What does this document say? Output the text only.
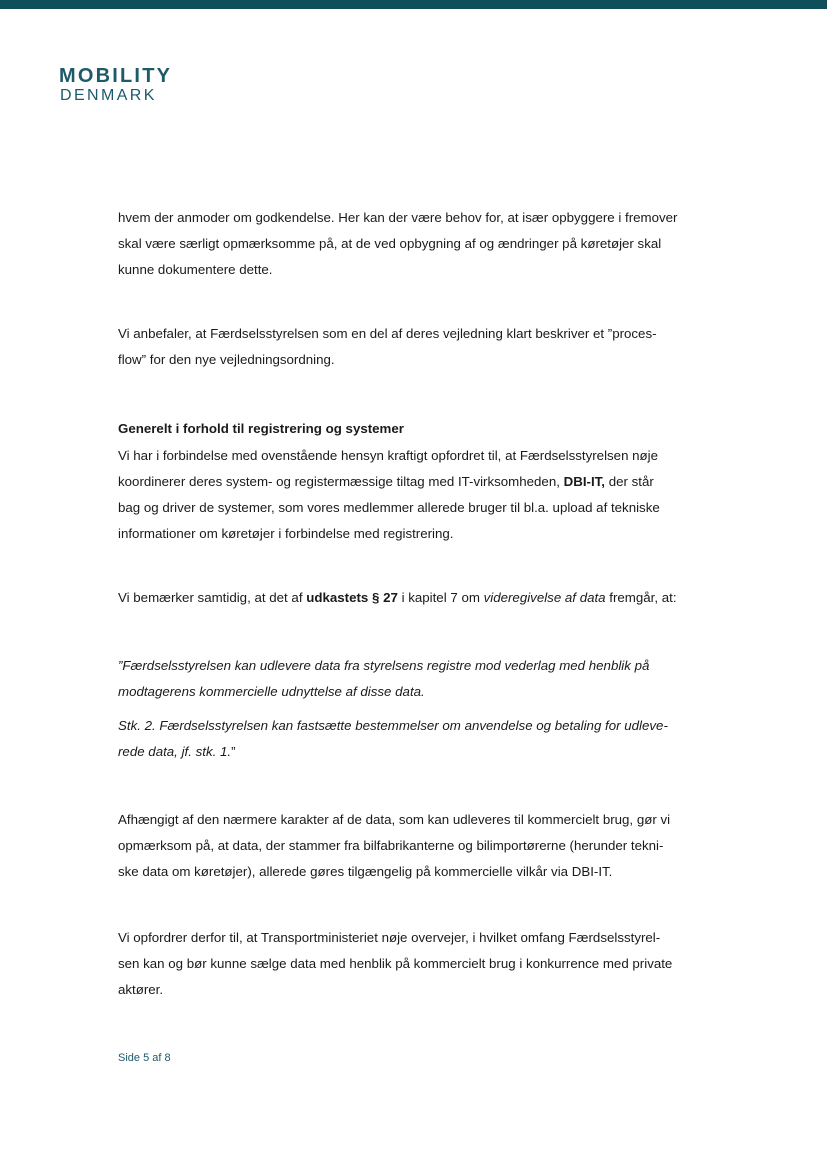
MOBILITY
DENMARK
hvem der anmoder om godkendelse. Her kan der være behov for, at især opbyggere i fremover
skal være særligt opmærksomme på, at de ved opbygning af og ændringer på køretøjer skal
kunne dokumentere dette.
Vi anbefaler, at Færdselsstyrelsen som en del af deres vejledning klart beskriver et ”proces-
flow” for den nye vejledningsordning.
Generelt i forhold til registrering og systemer
Vi har i forbindelse med ovenstående hensyn kraftigt opfordret til, at Færdselsstyrelsen nøje
koordinerer deres system- og registermæssige tiltag med IT-virksomheden, DBI-IT, der står
bag og driver de systemer, som vores medlemmer allerede bruger til bl.a. upload af tekniske
informationer om køretøjer i forbindelse med registrering.
Vi bemærker samtidig, at det af udkastets § 27 i kapitel 7 om videregivelse af data fremgår, at:
”Færdselsstyrelsen kan udlevere data fra styrelsens registre mod vederlag med henblik på
modtagerens kommercielle udnyttelse af disse data.
Stk. 2. Færdselsstyrelsen kan fastsætte bestemmelser om anvendelse og betaling for udleve-
rede data, jf. stk. 1.”
Afhængigt af den nærmere karakter af de data, som kan udleveres til kommercielt brug, gør vi
opmærksom på, at data, der stammer fra bilfabrikanterne og bilimportørerne (herunder tekni-
ske data om køretøjer), allerede gøres tilgængelig på kommercielle vilkår via DBI-IT.
Vi opfordrer derfor til, at Transportministeriet nøje overvejer, i hvilket omfang Færdselsstyrel-
sen kan og bør kunne sælge data med henblik på kommercielt brug i konkurrence med private
aktører.
Side 5 af 8
